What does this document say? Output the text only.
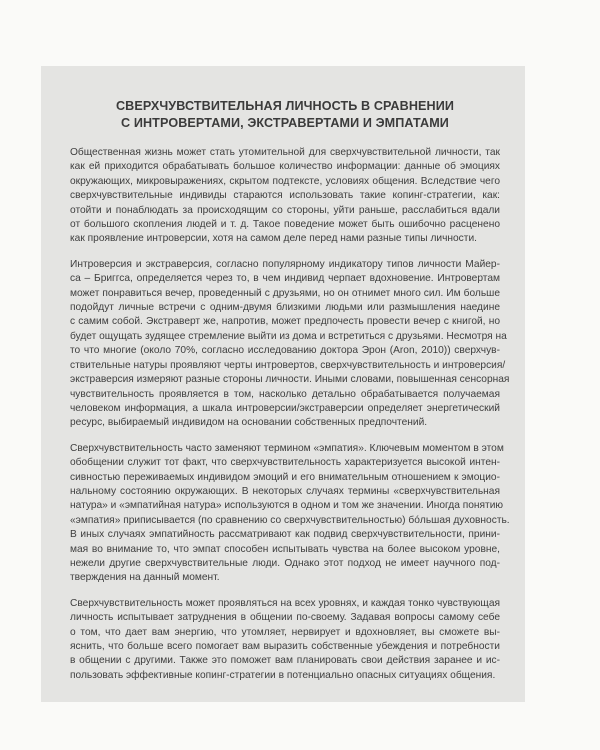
СВЕРХЧУВСТВИТЕЛЬНАЯ ЛИЧНОСТЬ В СРАВНЕНИИ
С ИНТРОВЕРТАМИ, ЭКСТРАВЕРТАМИ И ЭМПАТАМИ

Общественная жизнь может стать утомительной для сверхчувствительной личности, так
как ей приходится обрабатывать большое количество информации: данные об эмоциях
окружающих, микровыражениях, скрытом подтексте, условиях общения. Вследствие чего
сверхчувствительные индивиды стараются использовать такие копинг-стратегии, как:
отойти и понаблюдать за происходящим со стороны, уйти раньше, расслабиться вдали
от большого скопления людей и т. д. Такое поведение может быть ошибочно расценено
как проявление интроверсии, хотя на самом деле перед нами разные типы личности.

Интроверсия и экстраверсия, согласно популярному индикатору типов личности Майер-
са – Бриггса, определяется через то, в чем индивид черпает вдохновение. Интровертам
может понравиться вечер, проведенный с друзьями, но он отнимет много сил. Им больше
подойдут личные встречи с одним-двумя близкими людьми или размышления наедине
с самим собой. Экстраверт же, напротив, может предпочесть провести вечер с книгой, но
будет ощущать зудящее стремление выйти из дома и встретиться с друзьями. Несмотря на
то что многие (около 70%, согласно исследованию доктора Эрон (Aron, 2010)) сверхчув-
ствительные натуры проявляют черты интровертов, сверхчувствительность и интроверсия/
экстраверсия измеряют разные стороны личности. Иными словами, повышенная сенсорная
чувствительность проявляется в том, насколько детально обрабатывается получаемая
человеком информация, а шкала интроверсии/экстраверсии определяет энергетический
ресурс, выбираемый индивидом на основании собственных предпочтений.

Сверхчувствительность часто заменяют термином «эмпатия». Ключевым моментом в этом
обобщении служит тот факт, что сверхчувствительность характеризуется высокой интен-
сивностью переживаемых индивидом эмоций и его внимательным отношением к эмоцио-
нальному состоянию окружающих. В некоторых случаях термины «сверхчувствительная
натура» и «эмпатийная натура» используются в одном и том же значении. Иногда понятию
«эмпатия» приписывается (по сравнению со сверхчувствительностью) бóльшая духовность.
В иных случаях эмпатийность рассматривают как подвид сверхчувствительности, прини-
мая во внимание то, что эмпат способен испытывать чувства на более высоком уровне,
нежели другие сверхчувствительные люди. Однако этот подход не имеет научного под-
тверждения на данный момент.

Сверхчувствительность может проявляться на всех уровнях, и каждая тонко чувствующая
личность испытывает затруднения в общении по-своему. Задавая вопросы самому себе
о том, что дает вам энергию, что утомляет, нервирует и вдохновляет, вы сможете вы-
яснить, что больше всего помогает вам выразить собственные убеждения и потребности
в общении с другими. Также это поможет вам планировать свои действия заранее и ис-
пользовать эффективные копинг-стратегии в потенциально опасных ситуациях общения.
